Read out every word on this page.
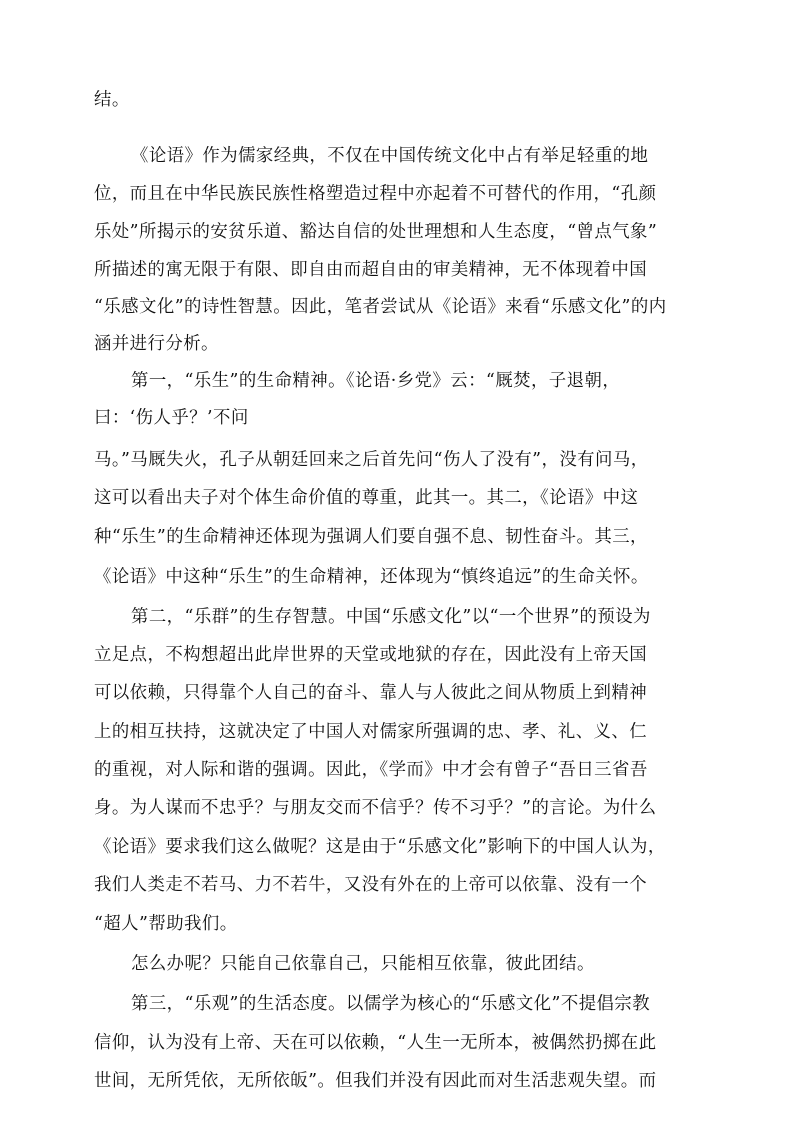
结。
《论语》作为儒家经典，不仅在中国传统文化中占有举足轻重的地
位，而且在中华民族民族性格塑造过程中亦起着不可替代的作用，“孔颜
乐处”所揭示的安贫乐道、豁达自信的处世理想和人生态度，“曾点气象”
所描述的寓无限于有限、即自由而超自由的审美精神，无不体现着中国
“乐感文化”的诗性智慧。因此，笔者尝试从《论语》来看“乐感文化”的内
涵并进行分析。
第一，“乐生”的生命精神。《论语·乡党》云：“厩焚，子退朝，
曰：‘伤人乎？’不问
马。”马厩失火，孔子从朝廷回来之后首先问“伤人了没有”，没有问马，
这可以看出夫子对个体生命价值的尊重，此其一。其二，《论语》中这
种“乐生”的生命精神还体现为强调人们要自强不息、韧性奋斗。其三，
《论语》中这种“乐生”的生命精神，还体现为“慎终追远”的生命关怀。
第二，“乐群”的生存智慧。中国“乐感文化”以“一个世界”的预设为
立足点，不构想超出此岸世界的天堂或地狱的存在，因此没有上帝天国
可以依赖，只得靠个人自己的奋斗、靠人与人彼此之间从物质上到精神
上的相互扶持，这就决定了中国人对儒家所强调的忠、孝、礼、义、仁
的重视，对人际和谐的强调。因此，《学而》中才会有曾子“吾日三省吾
身。为人谋而不忠乎？与朋友交而不信乎？传不习乎？”的言论。为什么
《论语》要求我们这么做呢？这是由于“乐感文化”影响下的中国人认为，
我们人类走不若马、力不若牛，又没有外在的上帝可以依靠、没有一个
“超人”帮助我们。
怎么办呢？只能自己依靠自己，只能相互依靠，彼此团结。
第三，“乐观”的生活态度。以儒学为核心的“乐感文化”不提倡宗教
信仰，认为没有上帝、天在可以依赖，“人生一无所本，被偶然扔掷在此
世间，无所凭依，无所依皈”。但我们并没有因此而对生活悲观失望。而
